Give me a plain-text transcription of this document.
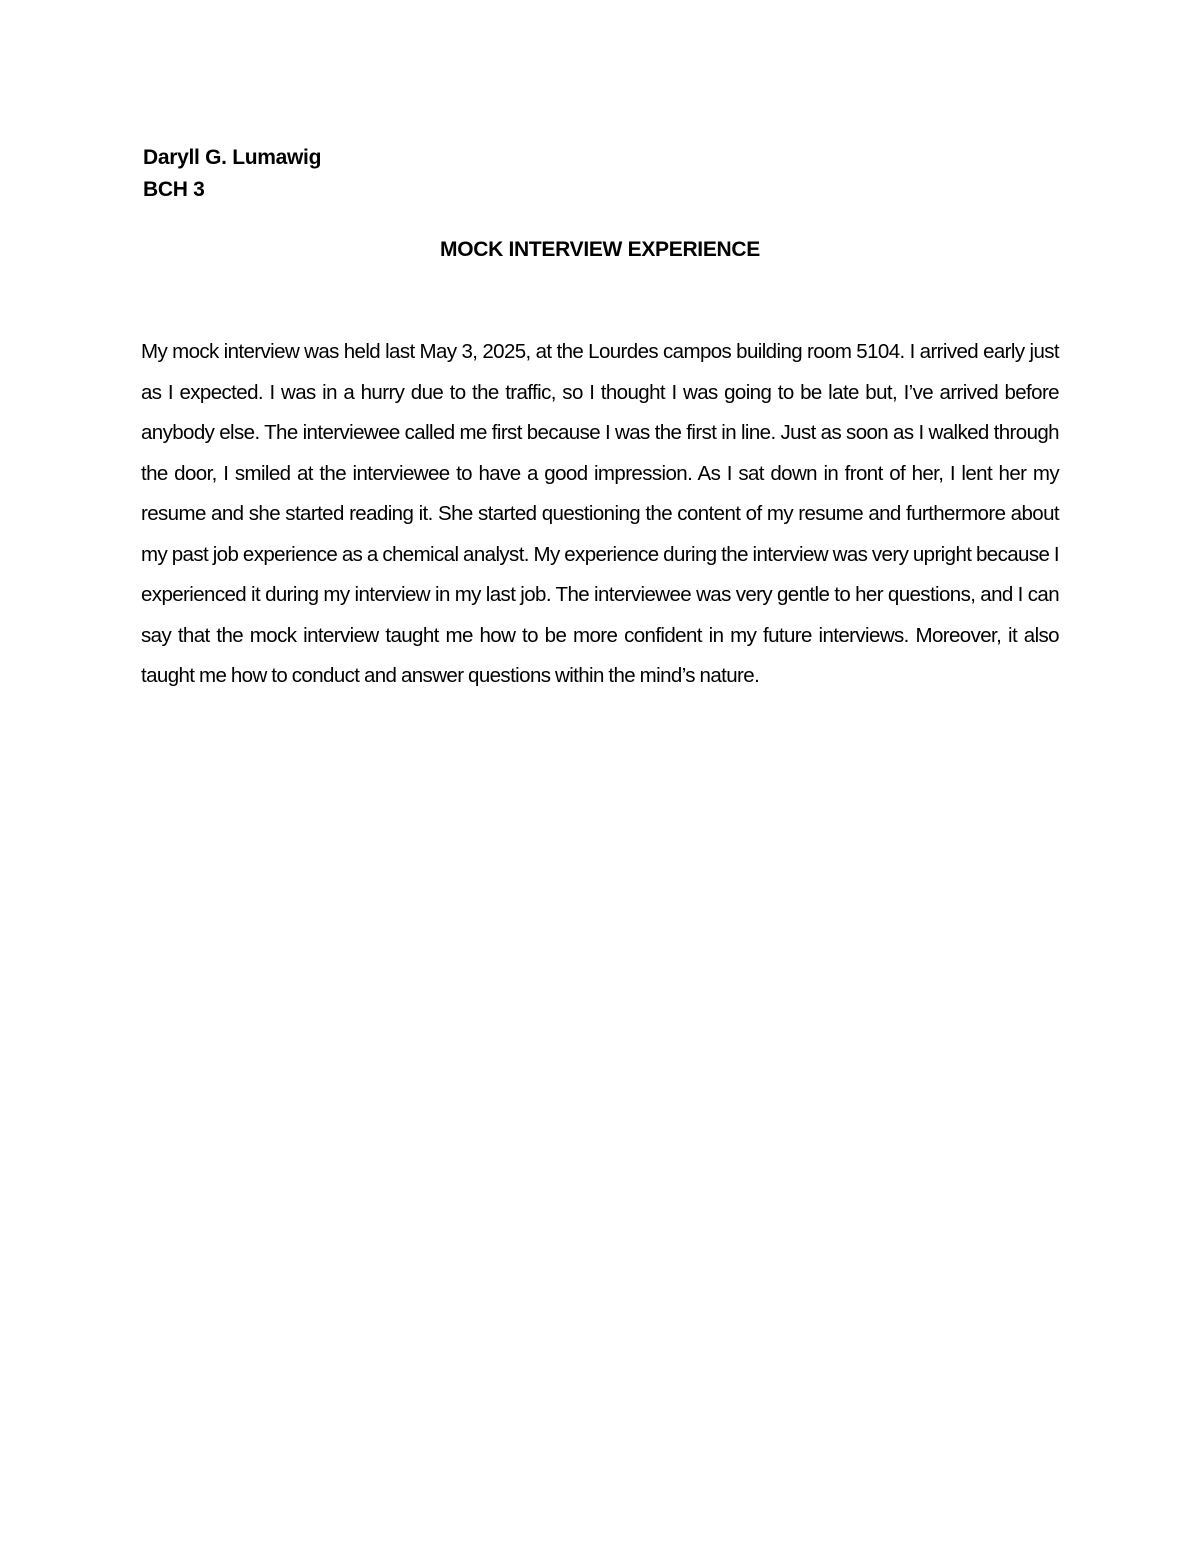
Daryll G. Lumawig
BCH 3
MOCK INTERVIEW EXPERIENCE

My mock interview was held last May 3, 2025, at the Lourdes campos building room 5104. I arrived early just as I expected. I was in a hurry due to the traffic, so I thought I was going to be late but, I’ve arrived before anybody else. The interviewee called me first because I was the first in line. Just as soon as I walked through the door, I smiled at the interviewee to have a good impression. As I sat down in front of her, I lent her my resume and she started reading it. She started questioning the content of my resume and furthermore about my past job experience as a chemical analyst. My experience during the interview was very upright because I experienced it during my interview in my last job. The interviewee was very gentle to her questions, and I can say that the mock interview taught me how to be more confident in my future interviews. Moreover, it also taught me how to conduct and answer questions within the mind’s nature.
